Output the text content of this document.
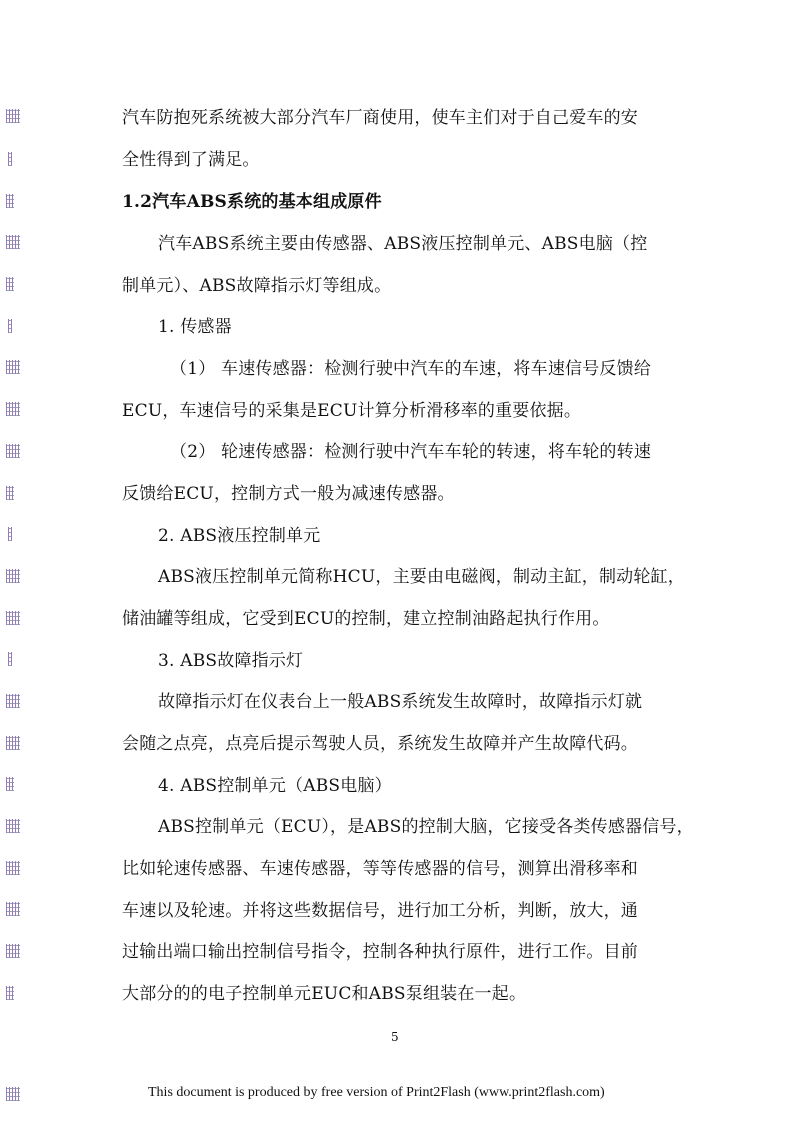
汽车防抱死系统被大部分汽车厂商使用，使车主们对于自己爱车的安
全性得到了满足。
1.2汽车ABS系统的基本组成原件
汽车ABS系统主要由传感器、ABS液压控制单元、ABS电脑（控
制单元）、ABS故障指示灯等组成。
1. 传感器
（1） 车速传感器：检测行驶中汽车的车速，将车速信号反馈给
ECU，车速信号的采集是ECU计算分析滑移率的重要依据。
（2） 轮速传感器：检测行驶中汽车车轮的转速，将车轮的转速
反馈给ECU，控制方式一般为减速传感器。
2. ABS液压控制单元
ABS液压控制单元简称HCU，主要由电磁阀，制动主缸，制动轮缸，
储油罐等组成，它受到ECU的控制，建立控制油路起执行作用。
3. ABS故障指示灯
故障指示灯在仪表台上一般ABS系统发生故障时，故障指示灯就
会随之点亮，点亮后提示驾驶人员，系统发生故障并产生故障代码。
4. ABS控制单元（ABS电脑）
ABS控制单元（ECU），是ABS的控制大脑，它接受各类传感器信号，
比如轮速传感器、车速传感器，等等传感器的信号，测算出滑移率和
车速以及轮速。并将这些数据信号，进行加工分析，判断，放大，通
过输出端口输出控制信号指令，控制各种执行原件，进行工作。目前
大部分的的电子控制单元EUC和ABS泵组装在一起。
5
This document is produced by free version of Print2Flash (www.print2flash.com)
